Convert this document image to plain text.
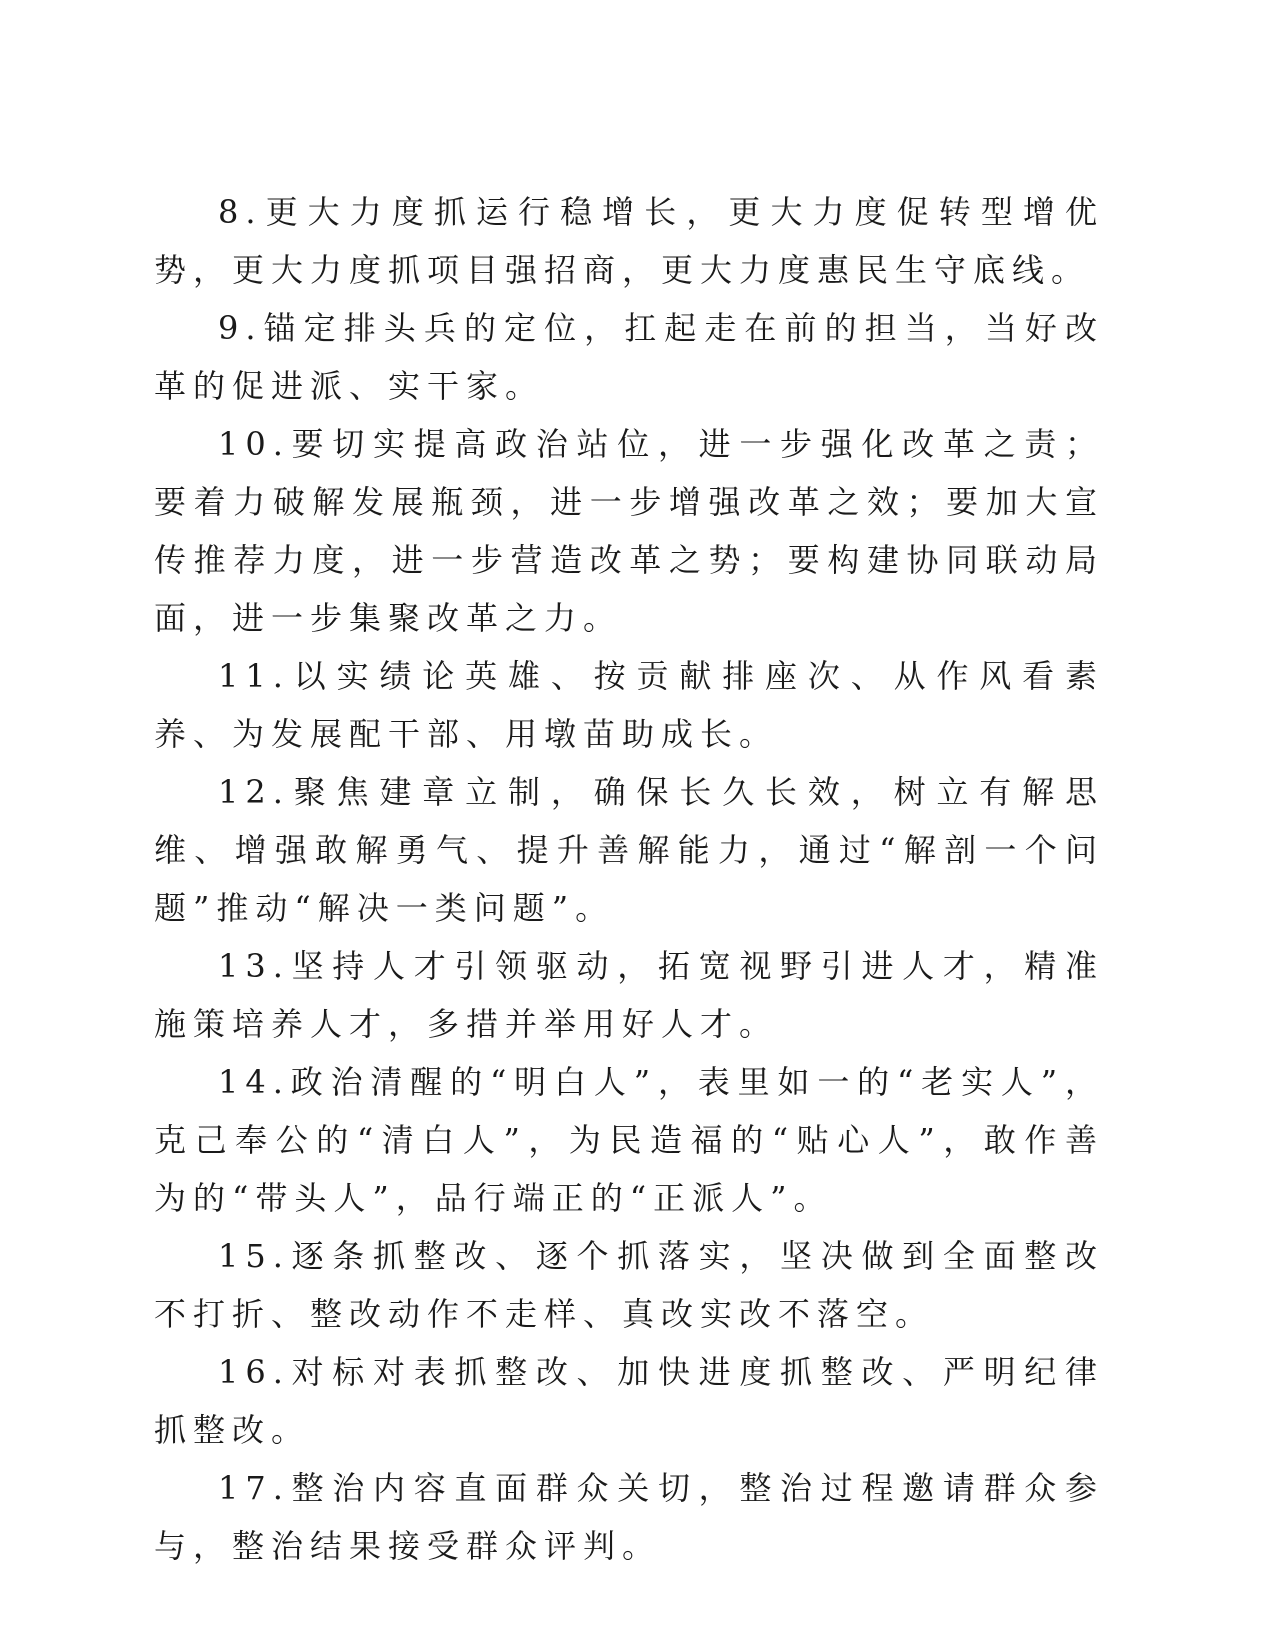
8.更大力度抓运行稳增长，更大力度促转型增优势，更大力度抓项目强招商，更大力度惠民生守底线。

9.锚定排头兵的定位，扛起走在前的担当，当好改革的促进派、实干家。

10.要切实提高政治站位，进一步强化改革之责；要着力破解发展瓶颈，进一步增强改革之效；要加大宣传推荐力度，进一步营造改革之势；要构建协同联动局面，进一步集聚改革之力。

11.以实绩论英雄、按贡献排座次、从作风看素养、为发展配干部、用墩苗助成长。

12.聚焦建章立制，确保长久长效，树立有解思维、增强敢解勇气、提升善解能力，通过“解剖一个问题”推动“解决一类问题”。

13.坚持人才引领驱动，拓宽视野引进人才，精准施策培养人才，多措并举用好人才。

14.政治清醒的“明白人”，表里如一的“老实人”，克己奉公的“清白人”，为民造福的“贴心人”，敢作善为的“带头人”，品行端正的“正派人”。

15.逐条抓整改、逐个抓落实，坚决做到全面整改不打折、整改动作不走样、真改实改不落空。

16.对标对表抓整改、加快进度抓整改、严明纪律抓整改。

17.整治内容直面群众关切，整治过程邀请群众参与，整治结果接受群众评判。
